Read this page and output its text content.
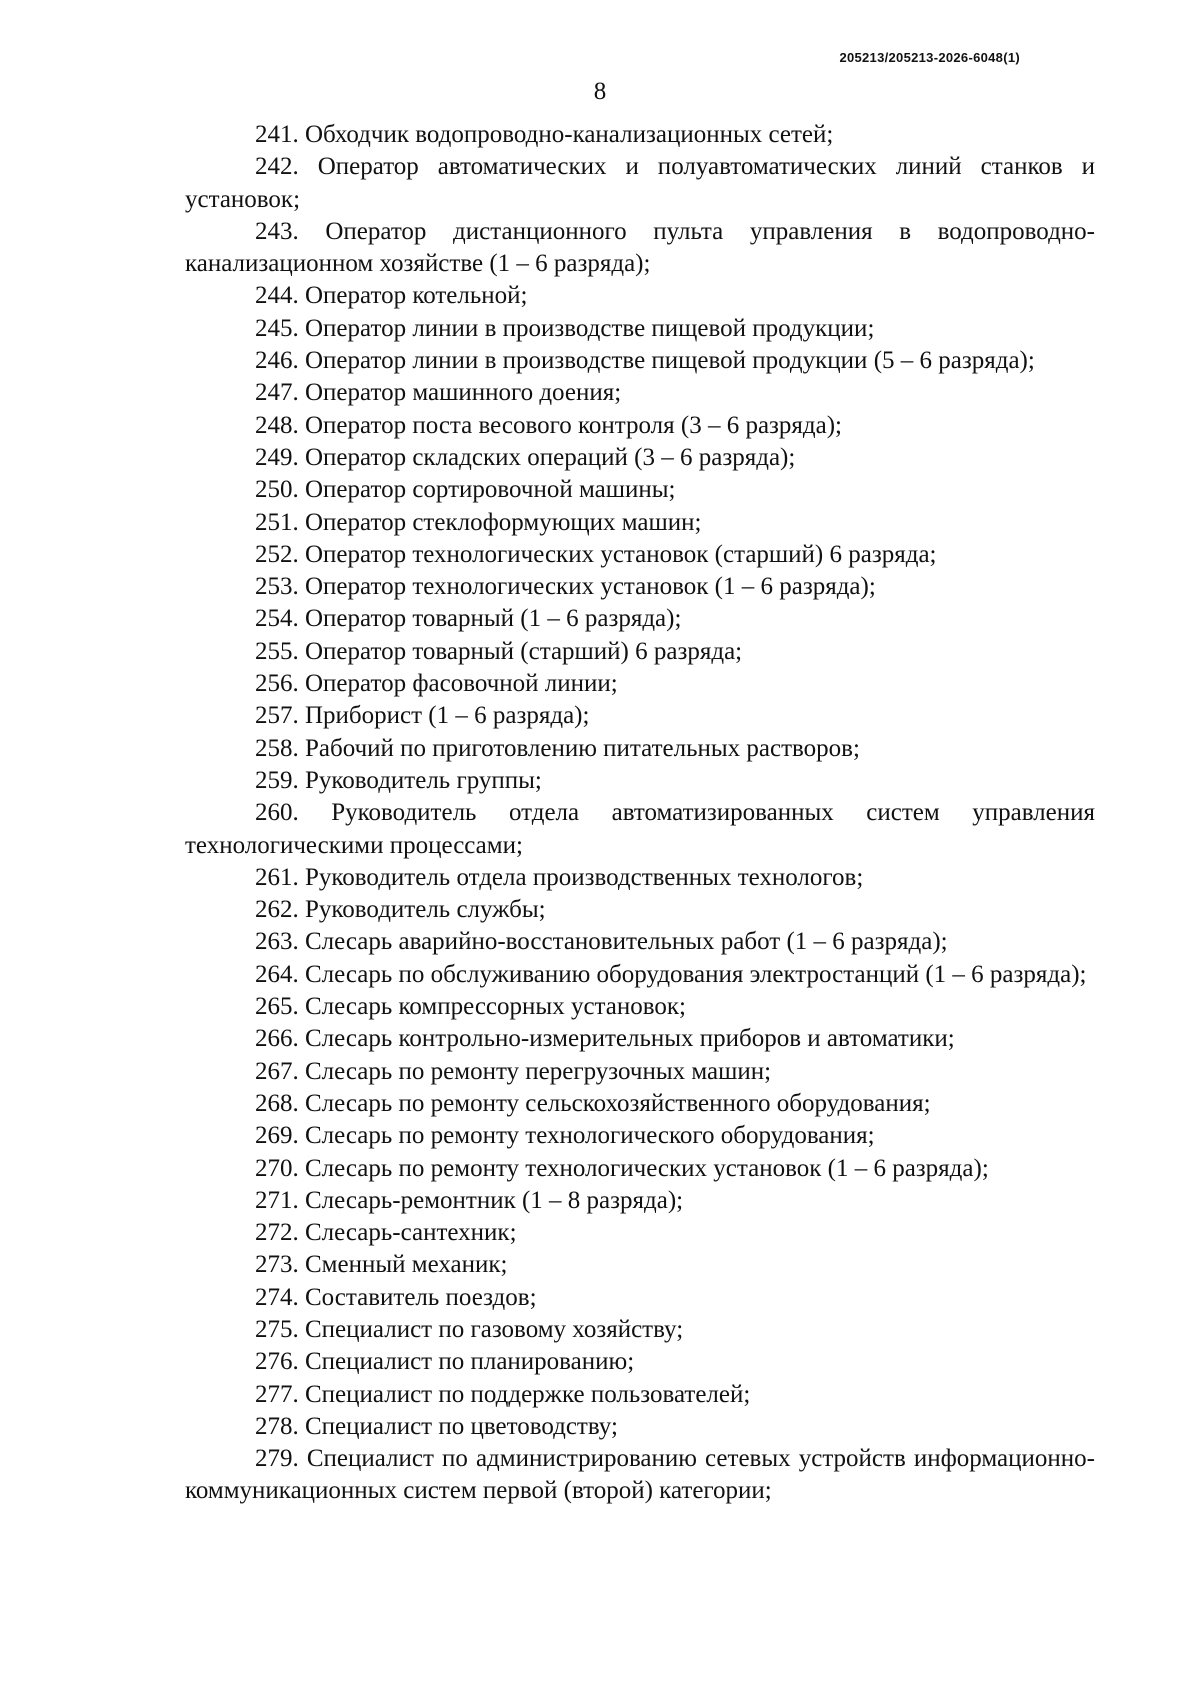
205213/205213-2026-6048(1)
8

241. Обходчик водопроводно-канализационных сетей;

242. Оператор автоматических и полуавтоматических линий станков и установок;

243. Оператор дистанционного пульта управления в водопроводно-канализационном хозяйстве (1 – 6 разряда);

244. Оператор котельной;

245. Оператор линии в производстве пищевой продукции;

246. Оператор линии в производстве пищевой продукции (5 – 6 разряда);

247. Оператор машинного доения;

248. Оператор поста весового контроля (3 – 6 разряда);

249. Оператор складских операций (3 – 6 разряда);

250. Оператор сортировочной машины;

251. Оператор стеклоформующих машин;

252. Оператор технологических установок (старший) 6 разряда;

253. Оператор технологических установок (1 – 6 разряда);

254. Оператор товарный (1 – 6 разряда);

255. Оператор товарный (старший) 6 разряда;

256. Оператор фасовочной линии;

257. Приборист (1 – 6 разряда);

258. Рабочий по приготовлению питательных растворов;

259. Руководитель группы;

260. Руководитель отдела автоматизированных систем управления технологическими процессами;

261. Руководитель отдела производственных технологов;

262. Руководитель службы;

263. Слесарь аварийно-восстановительных работ (1 – 6 разряда);

264. Слесарь по обслуживанию оборудования электростанций (1 – 6 разряда);

265. Слесарь компрессорных установок;

266. Слесарь контрольно-измерительных приборов и автоматики;

267. Слесарь по ремонту перегрузочных машин;

268. Слесарь по ремонту сельскохозяйственного оборудования;

269. Слесарь по ремонту технологического оборудования;

270. Слесарь по ремонту технологических установок (1 – 6 разряда);

271. Слесарь-ремонтник (1 – 8 разряда);

272. Слесарь-сантехник;

273. Сменный механик;

274. Составитель поездов;

275. Специалист по газовому хозяйству;

276. Специалист по планированию;

277. Специалист по поддержке пользователей;

278. Специалист по цветоводству;

279. Специалист по администрированию сетевых устройств информационно-коммуникационных систем первой (второй) категории;
